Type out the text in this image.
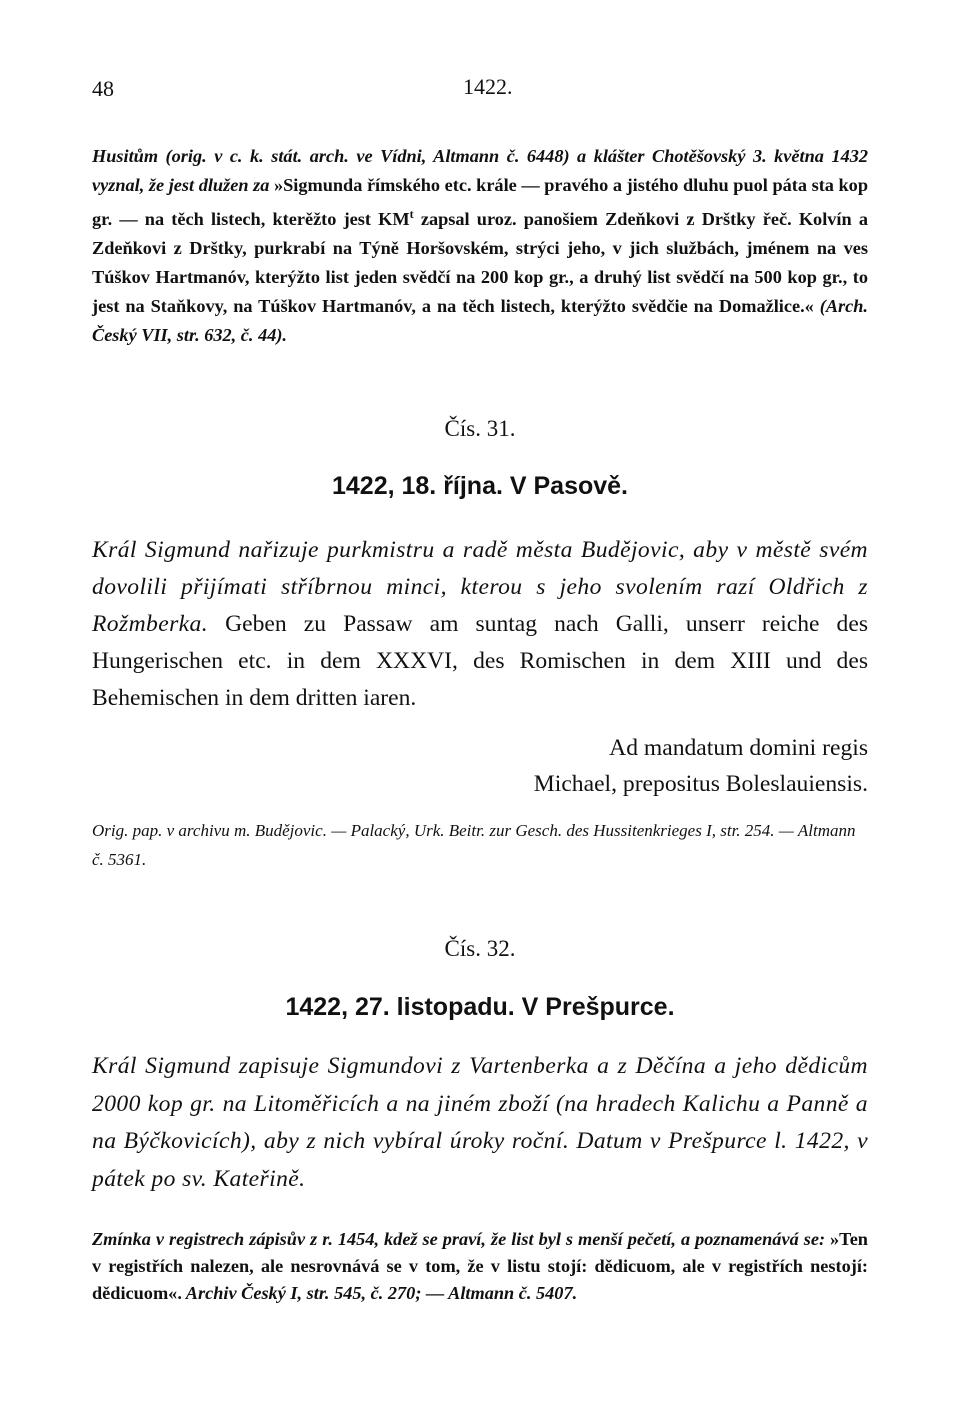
48	1422.
Husitům (orig. v c. k. stát. arch. ve Vídni, Altmann č. 6448) a klášter Chotěšovský 3. května 1432 vyznal, že jest dlužen za »Sigmunda římského etc. krále — pravého a jistého dluhu puol páta sta kop gr. — na těch listech, kterěžto jest $KM^t$ zapsal uroz. panošiem Zdeňkovi z Drštky řeč. Kolvín a Zdeňkovi z Drštky, purkrabí na Týně Horšovském, strýci jeho, v jich službách, jménem na ves Túškov Hartmanóv, kterýžto list jeden svědčí na 200 kop gr., a druhý list svědčí na 500 kop gr., to jest na Staňkovy, na Túškov Hartmanóv, a na těch listech, kterýžto svědčie na Domažlice.« (Arch. Český VII, str. 632, č. 44).
Čís. 31.
1422, 18. října. V Pasově.
Král Sigmund nařizuje purkmistru a radě města Budějovic, aby v městě svém dovolili přijímati stříbrnou minci, kterou s jeho svolením razí Oldřich z Rožmberka. Geben zu Passaw am suntag nach Galli, unserr reiche des Hungerischen etc. in dem XXXVI, des Romischen in dem XIII und des Behemischen in dem dritten iaren.
Ad mandatum domini regis
Michael, prepositus Boleslauiensis.
Orig. pap. v archivu m. Budějovic. — Palacký, Urk. Beitr. zur Gesch. des Hussitenkrieges I, str. 254. — Altmann č. 5361.
Čís. 32.
1422, 27. listopadu. V Prešpurce.
Král Sigmund zapisuje Sigmundovi z Vartenberka a z Děčína a jeho dědicům 2000 kop gr. na Litoměřicích a na jiném zboží (na hradech Kalichu a Panně a na Býčkovicích), aby z nich vybíral úroky roční. Datum v Prešpurce l. 1422, v pátek po sv. Kateřině.
Zmínka v registrech zápisův z r. 1454, kdež se praví, že list byl s menší pečetí, a poznamenává se: »Ten v registřích nalezen, ale nesrovnává se v tom, že v listu stojí: dědicuom, ale v registřích nestojí: dědicuom«. Archiv Český I, str. 545, č. 270; — Altmann č. 5407.
